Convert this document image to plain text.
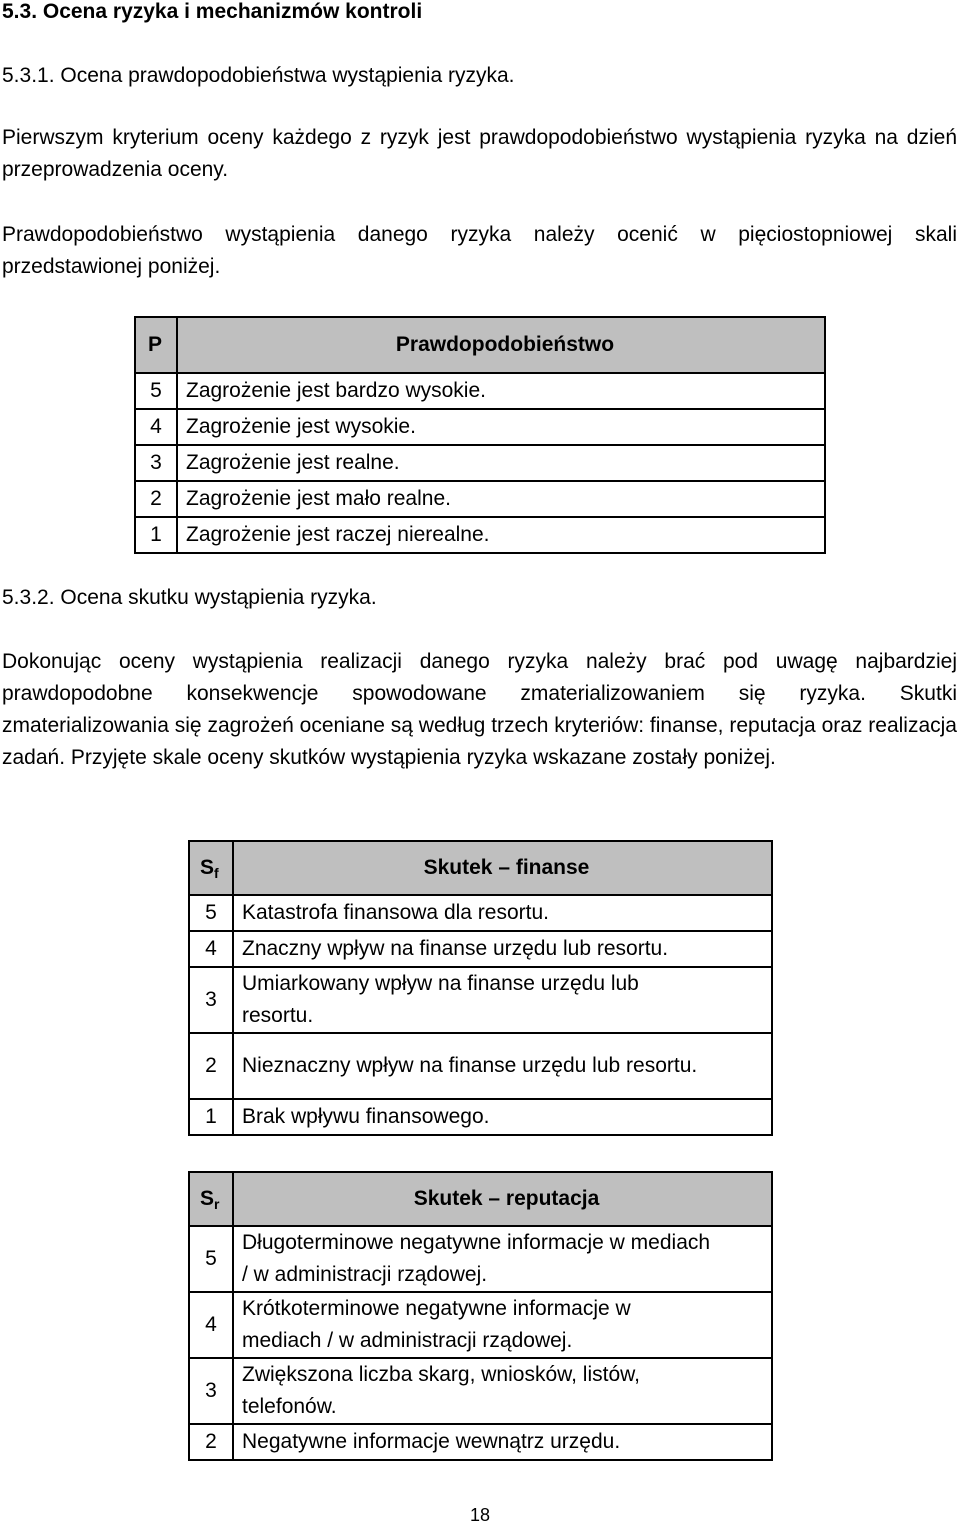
5.3. Ocena ryzyka i mechanizmów kontroli
5.3.1. Ocena prawdopodobieństwa wystąpienia ryzyka.
Pierwszym kryterium oceny każdego z ryzyk jest prawdopodobieństwo wystąpienia ryzyka na dzień przeprowadzenia oceny.
Prawdopodobieństwo wystąpienia danego ryzyka należy ocenić w pięciostopniowej skali przedstawionej poniżej.
P	Prawdopodobieństwo
5	Zagrożenie jest bardzo wysokie.
4	Zagrożenie jest wysokie.
3	Zagrożenie jest realne.
2	Zagrożenie jest mało realne.
1	Zagrożenie jest raczej nierealne.
5.3.2. Ocena skutku wystąpienia ryzyka.
Dokonując oceny wystąpienia realizacji danego ryzyka należy brać pod uwagę najbardziej prawdopodobne konsekwencje spowodowane zmaterializowaniem się ryzyka. Skutki zmaterializowania się zagrożeń oceniane są według trzech kryteriów: finanse, reputacja oraz realizacja zadań. Przyjęte skale oceny skutków wystąpienia ryzyka wskazane zostały poniżej.
$S_f$	Skutek – finanse
5	Katastrofa finansowa dla resortu.
4	Znaczny wpływ na finanse urzędu lub resortu.
3	Umiarkowany wpływ na finanse urzędu lub resortu.

2	Nieznaczny wpływ na finanse urzędu lub resortu.

1	Brak wpływu finansowego.
$S_r$	Skutek – reputacja
5	Długoterminowe negatywne informacje w mediach / w administracji rządowej.

4	Krótkoterminowe negatywne informacje w mediach / w administracji rządowej.

3	Zwiększona liczba skarg, wniosków, listów, telefonów.

2	Negatywne informacje wewnątrz urzędu.
18
